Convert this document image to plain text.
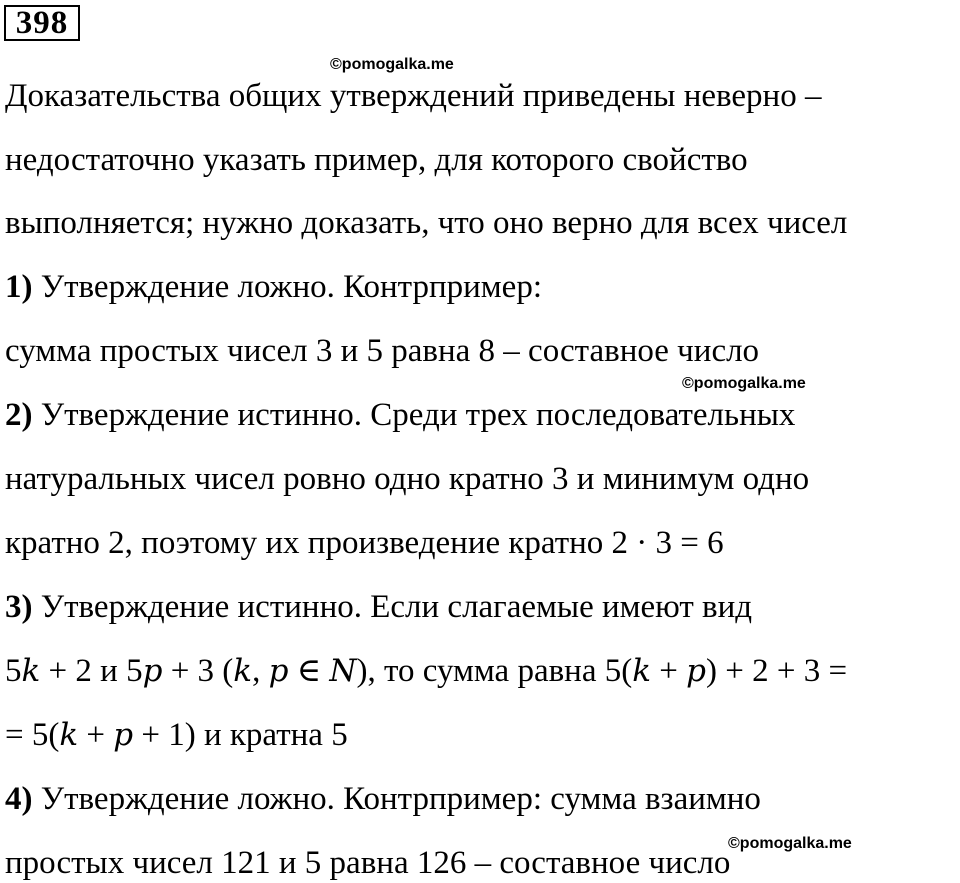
398
©pomogalka.me
©pomogalka.me
©pomogalka.me
Доказательства общих утверждений приведены неверно –
недостаточно указать пример, для которого свойство
выполняется; нужно доказать, что оно верно для всех чисел
1) Утверждение ложно. Контрпример:
сумма простых чисел 3 и 5 равна 8 – составное число
2) Утверждение истинно. Среди трех последовательных
натуральных чисел ровно одно кратно 3 и минимум одно
кратно 2, поэтому их произведение кратно 2 · 3 = 6
3) Утверждение истинно. Если слагаемые имеют вид
5k + 2 и 5p + 3 (k, p ∈ N), то сумма равна 5(k + p) + 2 + 3 =
= 5(k + p + 1) и кратна 5
4) Утверждение ложно. Контрпример: сумма взаимно
простых чисел 121 и 5 равна 126 – составное число
